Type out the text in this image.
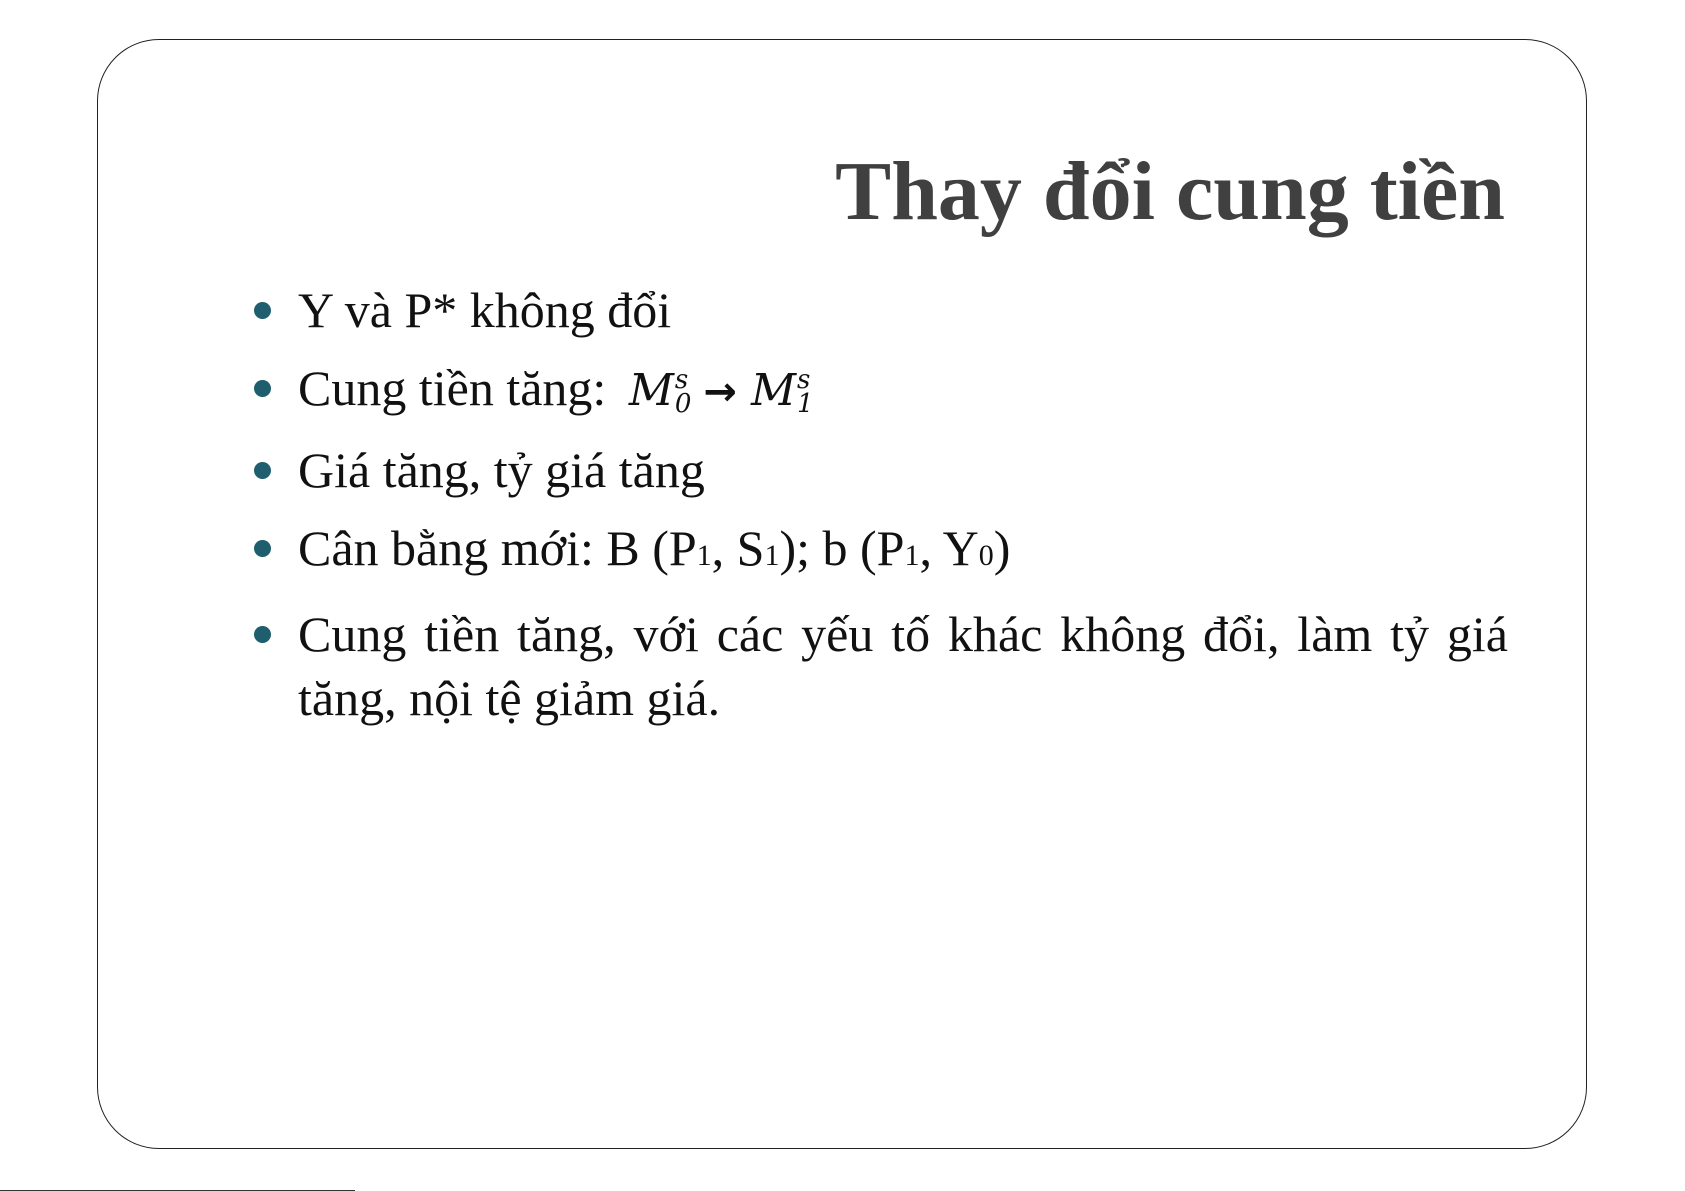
Thay đổi cung tiền
Y và P* không đổi
Cung tiền tăng: M s
0 → M s
1
Giá tăng, tỷ giá tăng
Cân bằng mới: B (P1, S1); b (P1, Y0)
Cung tiền tăng, với các yếu tố khác không đổi, làm tỷ giá tăng, nội tệ giảm giá.
